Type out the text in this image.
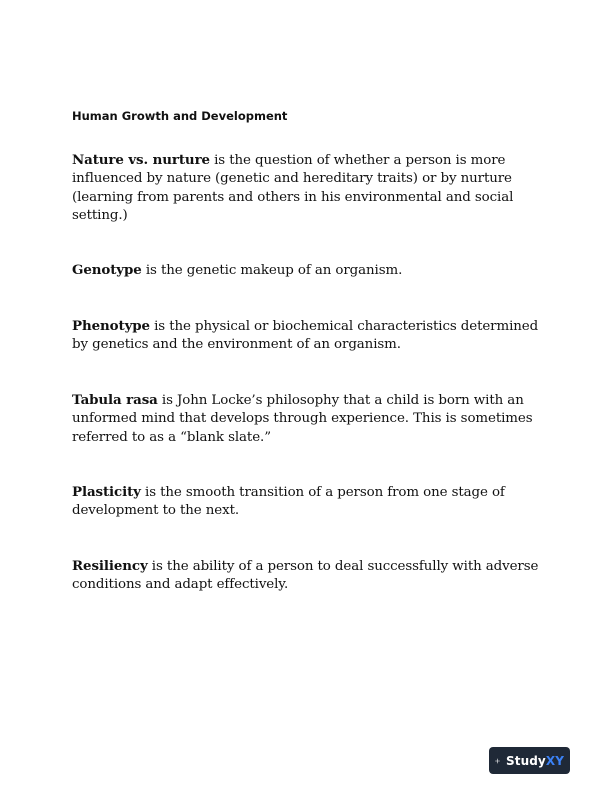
Human Growth and Development

Nature vs. nurture is the question of whether a person is more influenced by nature (genetic and hereditary traits) or by nurture (learning from parents and others in his environmental and social setting.)

Genotype is the genetic makeup of an organism.

Phenotype is the physical or biochemical characteristics determined by genetics and the environment of an organism.

Tabula rasa is John Locke’s philosophy that a child is born with an unformed mind that develops through experience. This is sometimes referred to as a “blank slate.”

Plasticity is the smooth transition of a person from one stage of development to the next.

Resiliency is the ability of a person to deal successfully with adverse conditions and adapt effectively.

StudyXY
